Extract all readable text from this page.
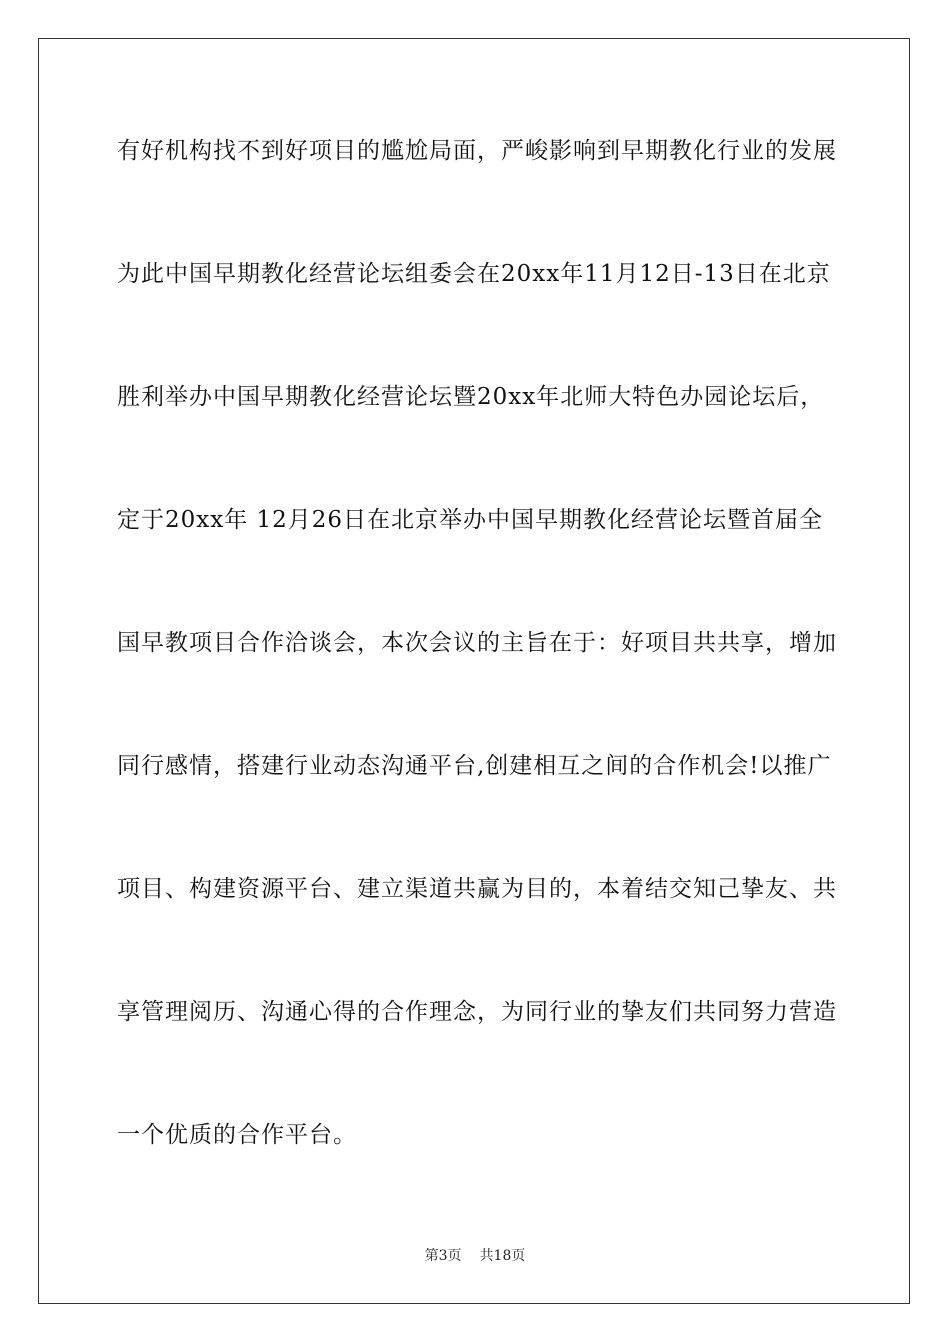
有好机构找不到好项目的尴尬局面，严峻影响到早期教化行业的发展
为此中国早期教化经营论坛组委会在20xx年11月12日-13日在北京
胜利举办中国早期教化经营论坛暨20xx年北师大特色办园论坛后，
定于20xx年 12月26日在北京举办中国早期教化经营论坛暨首届全
国早教项目合作洽谈会，本次会议的主旨在于：好项目共共享，增加
同行感情，搭建行业动态沟通平台,创建相互之间的合作机会!以推广
项目、构建资源平台、建立渠道共赢为目的，本着结交知己挚友、共
享管理阅历、沟通心得的合作理念，为同行业的挚友们共同努力营造
一个优质的合作平台。
第3页 共18页
